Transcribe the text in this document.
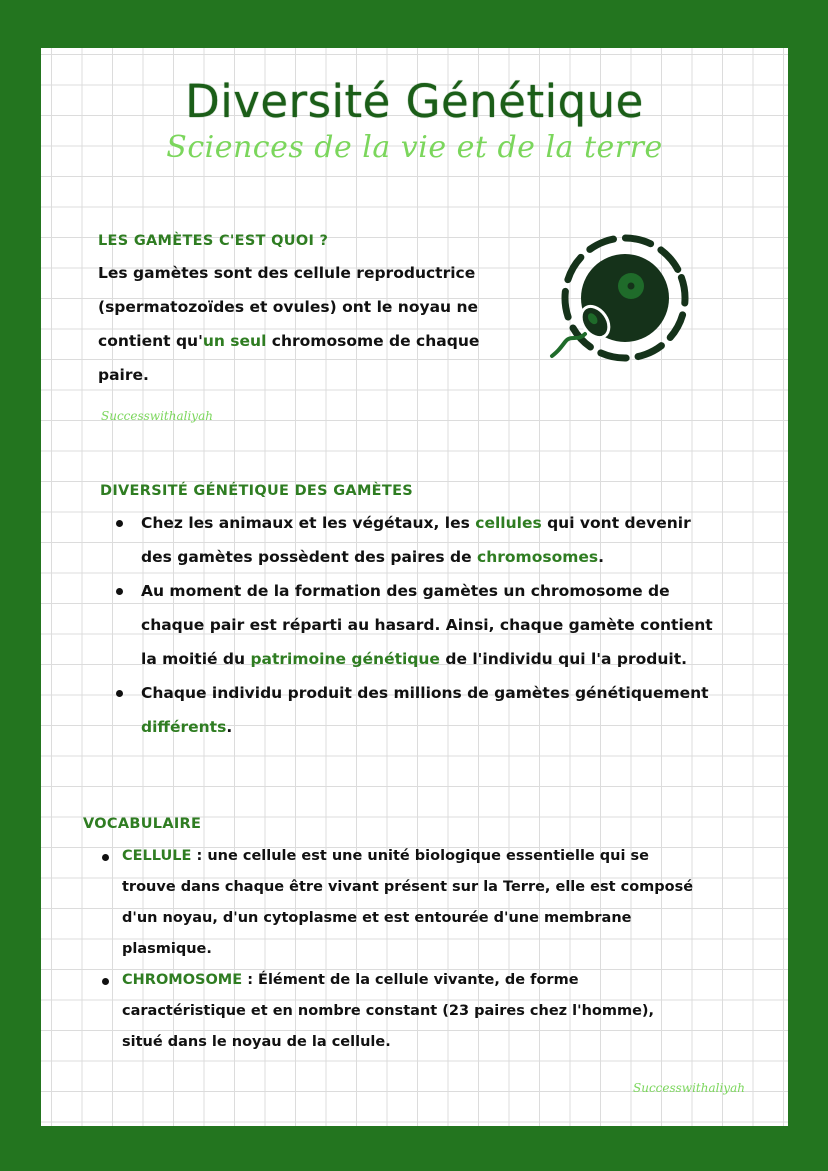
Diversité Génétique
Sciences de la vie et de la terre
LES GAMÈTES C'EST QUOI ?
Les gamètes sont des cellule reproductrice (spermatozoïdes et ovules) ont le noyau ne contient qu'un seul chromosome de chaque paire.
Successwithaliyah
DIVERSITÉ GÉNÉTIQUE DES GAMÈTES
Chez les animaux et les végétaux, les cellules qui vont devenir des gamètes possèdent des paires de chromosomes.
Au moment de la formation des gamètes un chromosome de chaque pair est réparti au hasard. Ainsi, chaque gamète contient la moitié du patrimoine génétique de l'individu qui l'a produit.
Chaque individu produit des millions de gamètes génétiquement différents.
VOCABULAIRE
CELLULE : une cellule est une unité biologique essentielle qui se trouve dans chaque être vivant présent sur la Terre, elle est composé d'un noyau, d'un cytoplasme et est entourée d'une membrane plasmique.
CHROMOSOME : Élément de la cellule vivante, de forme caractéristique et en nombre constant (23 paires chez l'homme), situé dans le noyau de la cellule.
Successwithaliyah
